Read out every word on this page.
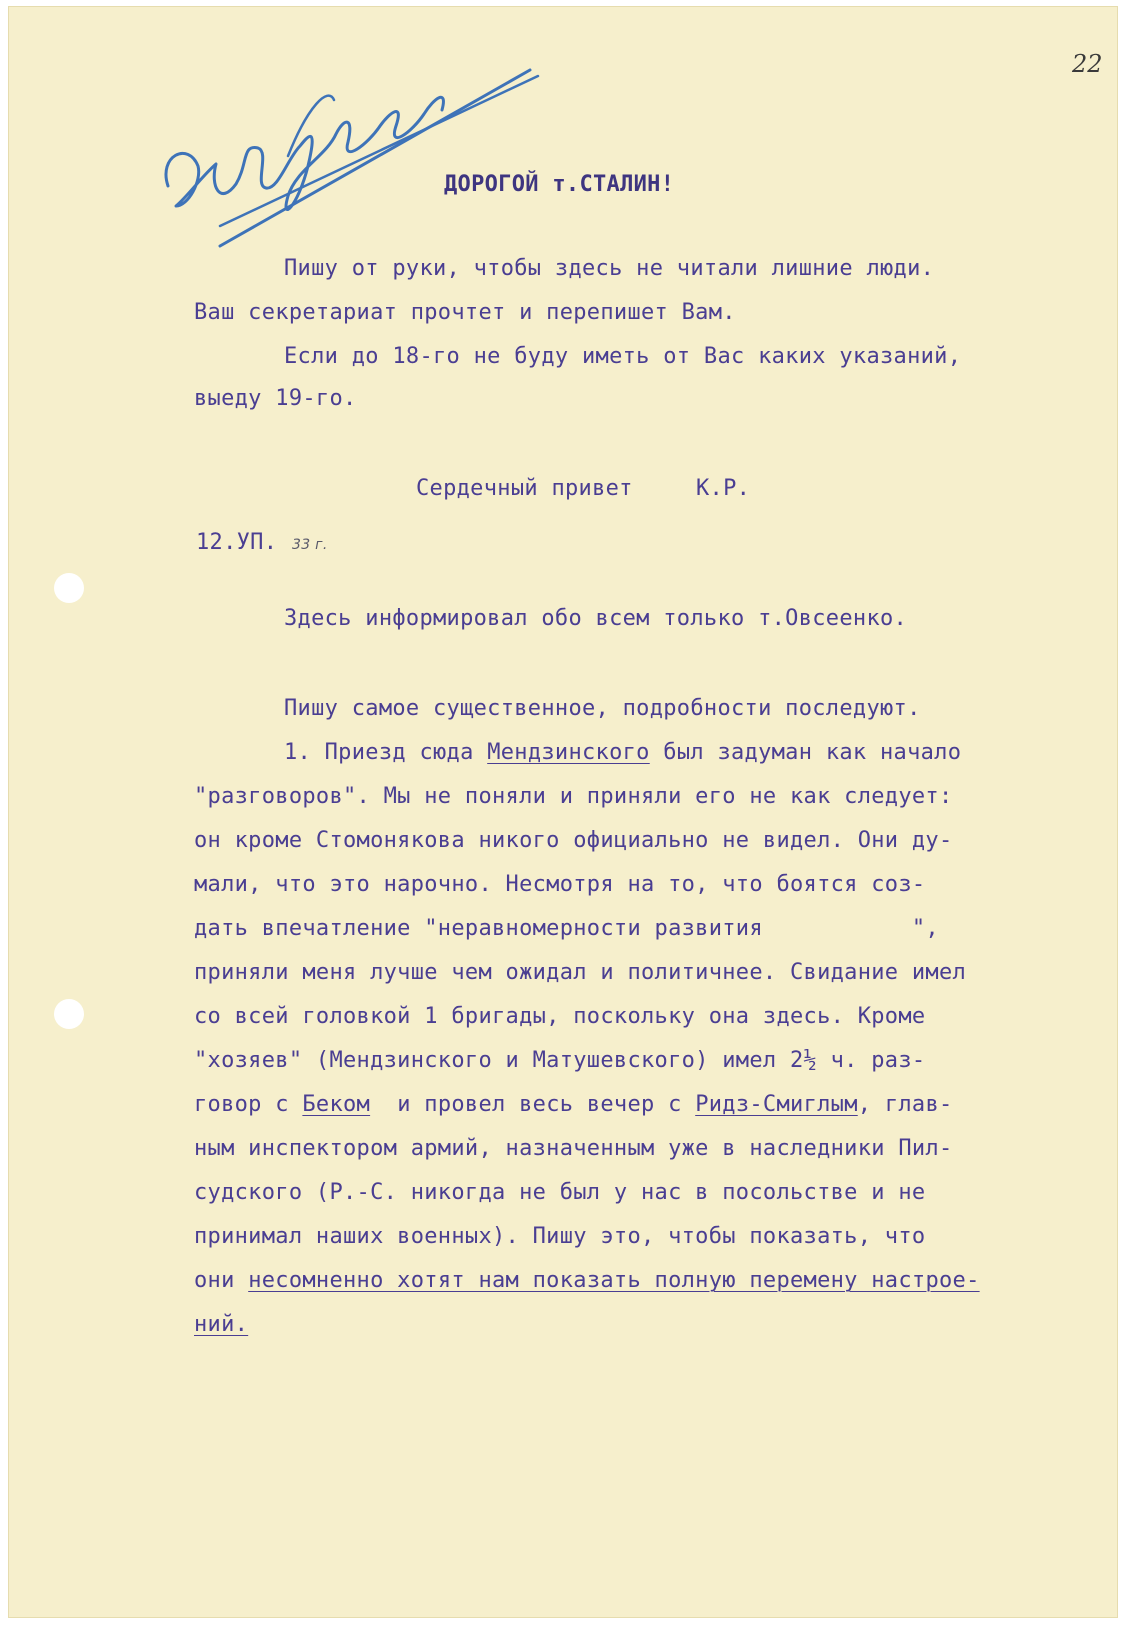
22
ДОРОГОЙ т.СТАЛИН!
Пишу от руки, чтобы здесь не читали лишние люди.
Ваш секретариат прочтет и перепишет Вам.
Если до 18-го не буду иметь от Вас каких указаний,
выеду 19-го.
Сердечный привет	К.Р.
12.УП. 33 г.
Здесь информировал обо всем только т.Овсеенко.
Пишу самое существенное, подробности последуют.
1. Приезд сюда Мендзинского был задуман как начало
"разговоров". Мы не поняли и приняли его не как следует:
он кроме Стомонякова никого официально не видел. Они ду-
мали, что это нарочно. Несмотря на то, что боятся соз-
дать впечатление "неравномерности развития           ",
приняли меня лучше чем ожидал и политичнее. Свидание имел
со всей головкой 1 бригады, поскольку она здесь. Кроме
"хозяев" (Мендзинского и Матушевского) имел 2½ ч. раз-
говор с Беком  и провел весь вечер с Ридз-Смиглым, глав-
ным инспектором армий, назначенным уже в наследники Пил-
судского (Р.-С. никогда не был у нас в посольстве и не
принимал наших военных). Пишу это, чтобы показать, что
они несомненно хотят нам показать полную перемену настрое-
ний.
